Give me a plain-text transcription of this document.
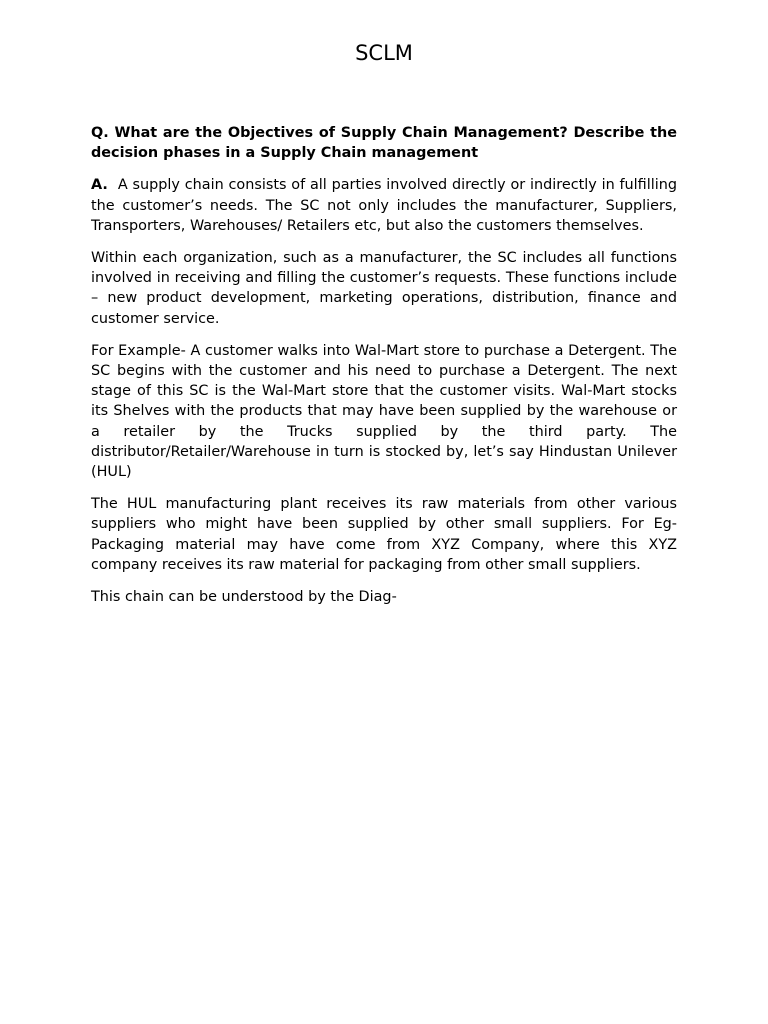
SCLM

Q. What are the Objectives of Supply Chain Management? Describe the decision phases in a Supply Chain management

A. A supply chain consists of all parties involved directly or indirectly in fulfilling the customer’s needs. The SC not only includes the manufacturer, Suppliers, Transporters, Warehouses/ Retailers etc, but also the customers themselves.

Within each organization, such as a manufacturer, the SC includes all functions involved in receiving and filling the customer’s requests. These functions include – new product development, marketing operations, distribution, finance and customer service.

For Example- A customer walks into Wal-Mart store to purchase a Detergent. The SC begins with the customer and his need to purchase a Detergent. The next stage of this SC is the Wal-Mart store that the customer visits. Wal-Mart stocks its Shelves with the products that may have been supplied by the warehouse or a retailer by the Trucks supplied by the third party. The distributor/Retailer/Warehouse in turn is stocked by, let’s say Hindustan Unilever (HUL)

The HUL manufacturing plant receives its raw materials from other various suppliers who might have been supplied by other small suppliers. For Eg- Packaging material may have come from XYZ Company, where this XYZ company receives its raw material for packaging from other small suppliers.

This chain can be understood by the Diag-
